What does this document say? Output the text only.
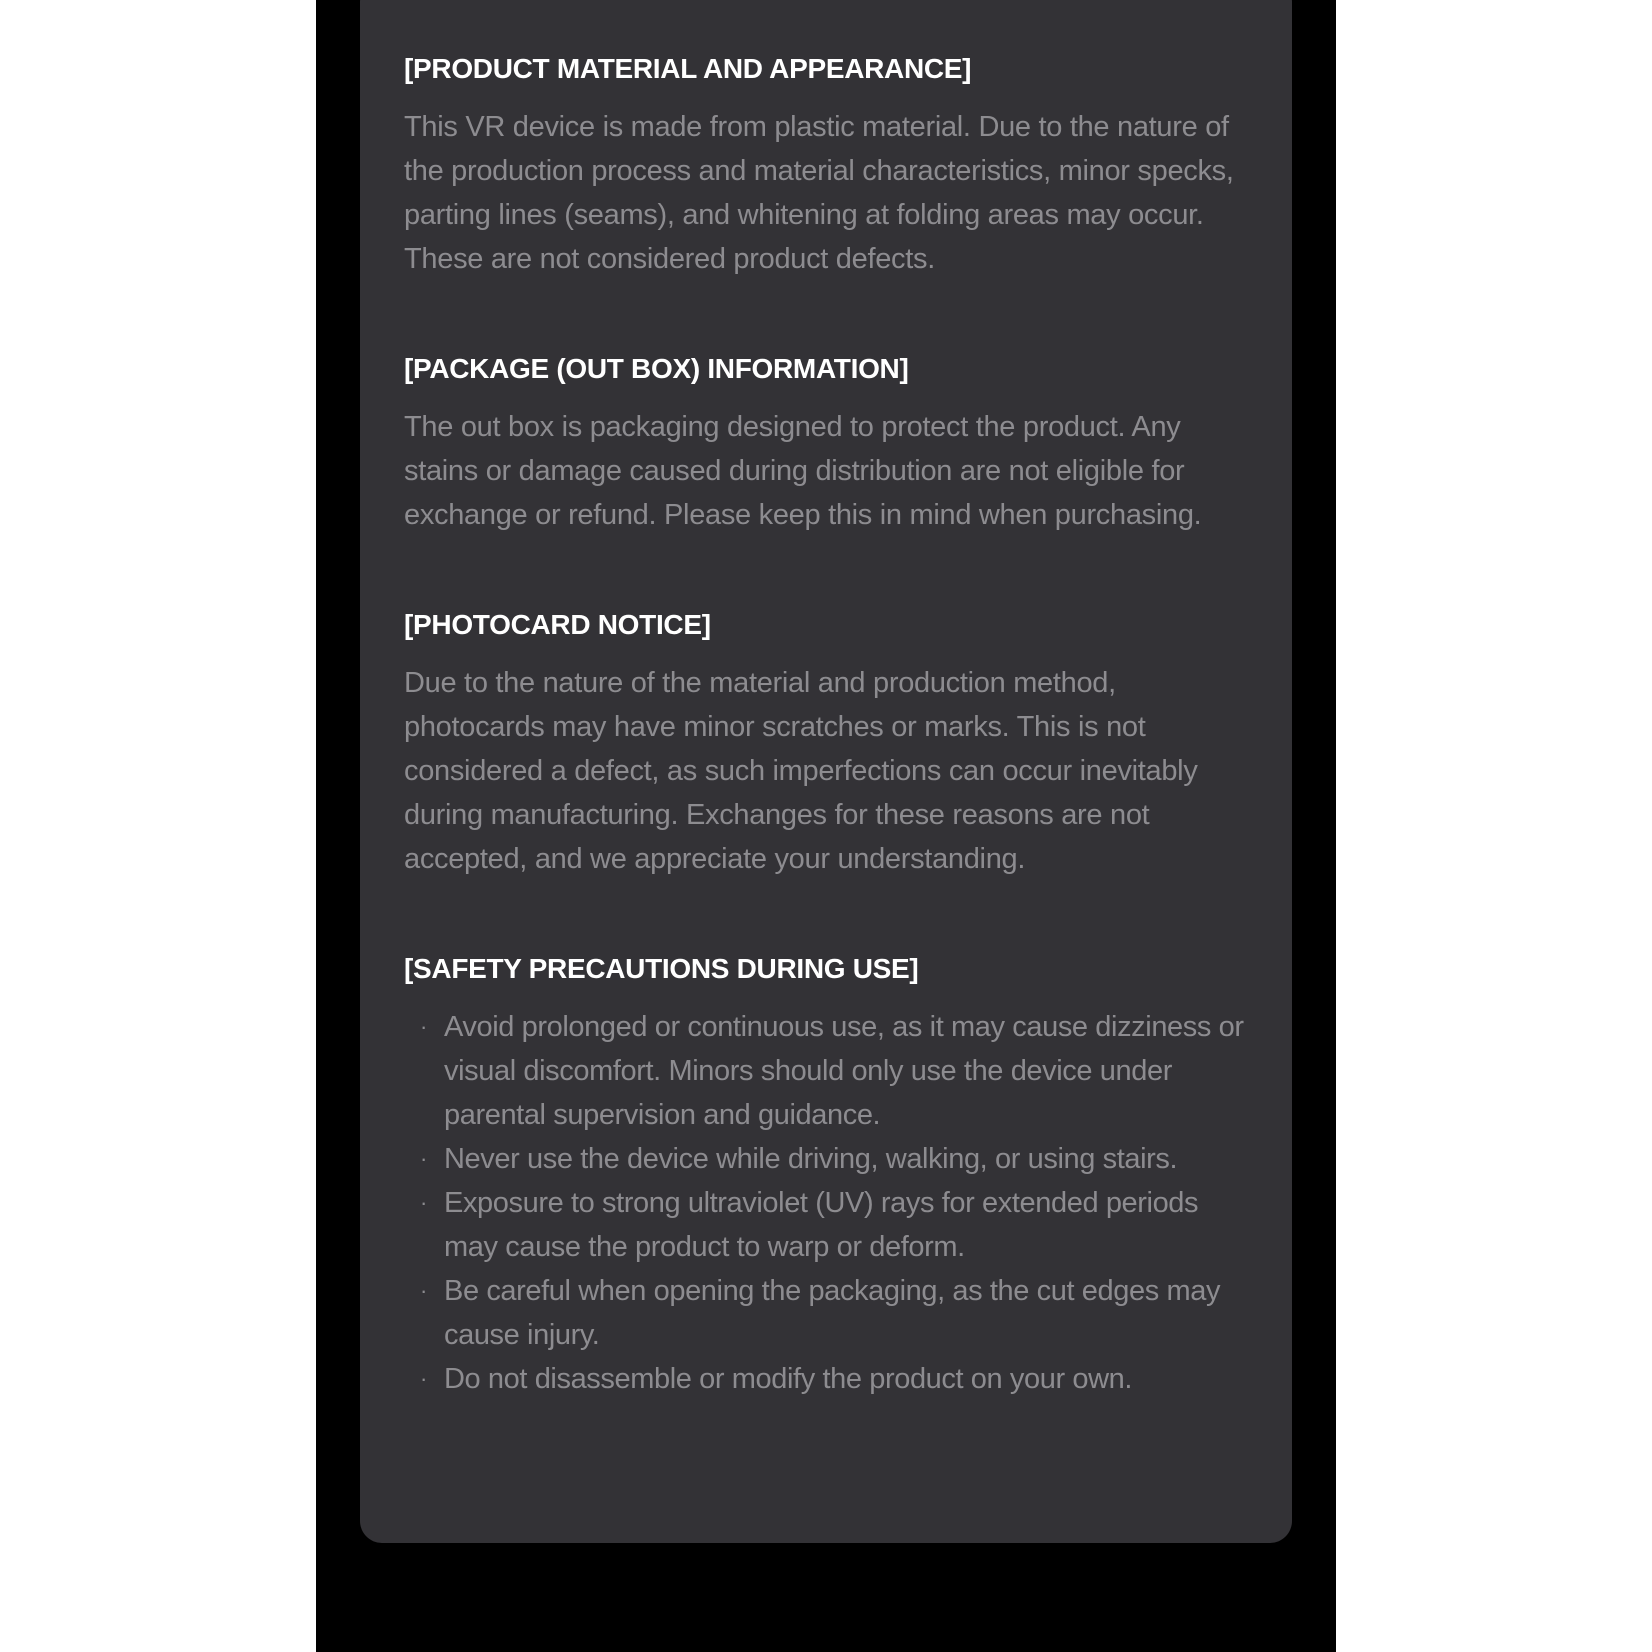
[PRODUCT MATERIAL AND APPEARANCE]

This VR device is made from plastic material. Due to the nature of the production process and material characteristics, minor specks, parting lines (seams), and whitening at folding areas may occur. These are not considered product defects.

[PACKAGE (OUT BOX) INFORMATION]

The out box is packaging designed to protect the product. Any stains or damage caused during distribution are not eligible for exchange or refund. Please keep this in mind when purchasing.

[PHOTOCARD NOTICE]

Due to the nature of the material and production method, photocards may have minor scratches or marks. This is not considered a defect, as such imperfections can occur inevitably during manufacturing. Exchanges for these reasons are not accepted, and we appreciate your understanding.

[SAFETY PRECAUTIONS DURING USE]
· Avoid prolonged or continuous use, as it may cause dizziness or visual discomfort. Minors should only use the device under parental supervision and guidance.
· Never use the device while driving, walking, or using stairs.
· Exposure to strong ultraviolet (UV) rays for extended periods may cause the product to warp or deform.
· Be careful when opening the packaging, as the cut edges may cause injury.
· Do not disassemble or modify the product on your own.
